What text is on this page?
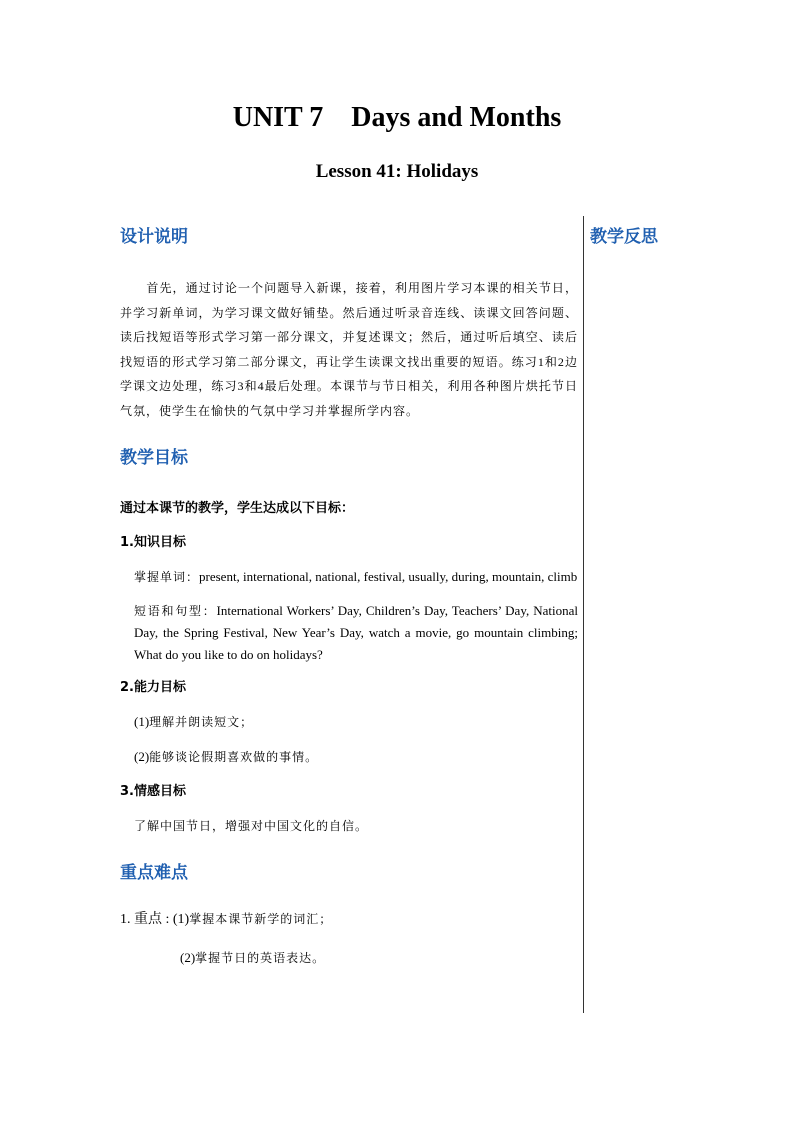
UNIT 7    Days and Months
Lesson 41: Holidays
设计说明

首先，通过讨论一个问题导入新课，接着，利用图片学习本课的相关节日，并学习新单词，为学习课文做好铺垫。然后通过听录音连线、读课文回答问题、读后找短语等形式学习第一部分课文，并复述课文；然后，通过听后填空、读后找短语的形式学习第二部分课文，再让学生读课文找出重要的短语。练习1和2边学课文边处理，练习3和4最后处理。本课节与节日相关，利用各种图片烘托节日气氛，使学生在愉快的气氛中学习并掌握所学内容。

教学目标

通过本课节的教学，学生达成以下目标：

1.知识目标

掌握单词：present, international, national, festival, usually, during, mountain, climb

短语和句型：International Workers’ Day, Children’s Day, Teachers’ Day, National Day, the Spring Festival, New Year’s Day, watch a movie, go mountain climbing; What do you like to do on holidays?

2.能力目标

(1)理解并朗读短文；

(2)能够谈论假期喜欢做的事情。

3.情感目标

了解中国节日，增强对中国文化的自信。

重点难点

1. 重点 : (1)掌握本课节新学的词汇；

(2)掌握节日的英语表达。

教学反思
